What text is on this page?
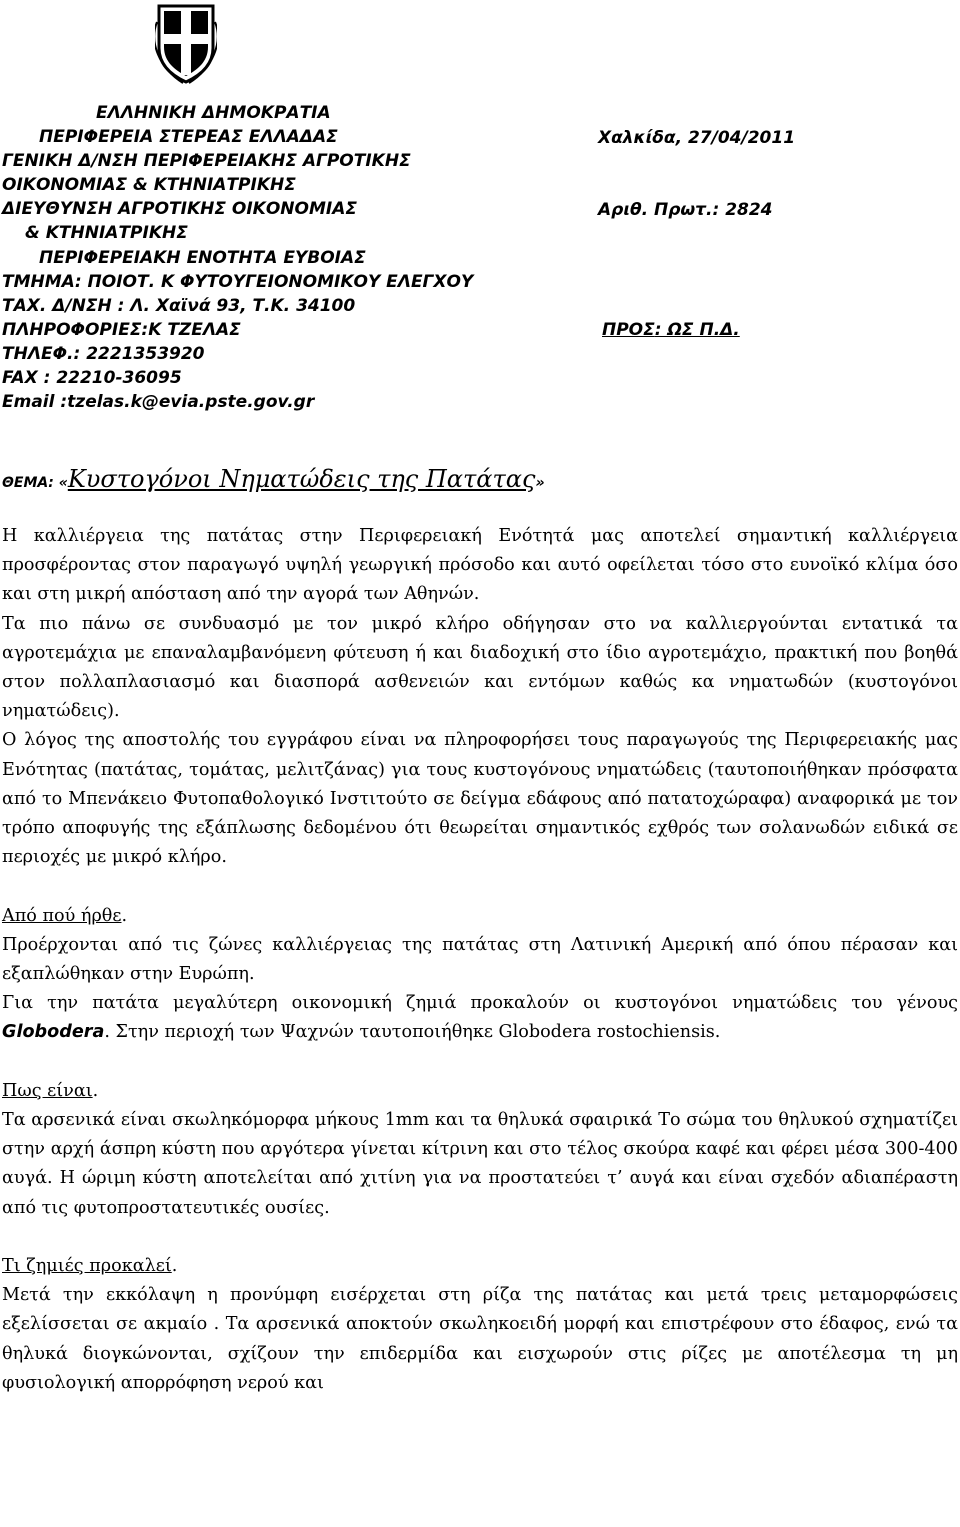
ΕΛΛΗΝΙΚΗ ΔΗΜΟΚΡΑΤΙΑ
ΠΕΡΙΦΕΡΕΙΑ ΣΤΕΡΕΑΣ ΕΛΛΑΔΑΣ
ΓΕΝΙΚΗ Δ/ΝΣΗ ΠΕΡΙΦΕΡΕΙΑΚΗΣ ΑΓΡΟΤΙΚΗΣ
ΟΙΚΟΝΟΜΙΑΣ & ΚΤΗΝΙΑΤΡΙΚΗΣ
ΔΙΕΥΘΥΝΣΗ ΑΓΡΟΤΙΚΗΣ ΟΙΚΟΝΟΜΙΑΣ
& ΚΤΗΝΙΑΤΡΙΚΗΣ
ΠΕΡΙΦΕΡΕΙΑΚΗ ΕΝΟΤΗΤΑ ΕΥΒΟΙΑΣ
ΤΜΗΜΑ: ΠΟΙΟΤ. Κ ΦΥΤΟΥΓΕΙΟΝΟΜΙΚΟΥ ΕΛΕΓΧΟΥ
ΤΑΧ. Δ/ΝΣΗ : Λ. Χαϊνά 93, Τ.Κ. 34100
ΠΛΗΡΟΦΟΡΙΕΣ:Κ ΤΖΕΛΑΣ
ΤΗΛΕΦ.: 2221353920
FAX : 22210-36095
Email :tzelas.k@evia.pste.gov.gr
Χαλκίδα, 27/04/2011
Αριθ. Πρωτ.: 2824
ΠΡΟΣ: ΩΣ Π.Δ.
ΘΕΜΑ: «Κυστογόνοι Νηματώδεις της Πατάτας»

Η καλλιέργεια της πατάτας στην Περιφερειακή Ενότητά μας αποτελεί σημαντική καλλιέργεια προσφέροντας στον παραγωγό υψηλή γεωργική πρόσοδο και αυτό οφείλεται τόσο στο ευνοϊκό κλίμα όσο και στη μικρή απόσταση από την αγορά των Αθηνών.

Τα πιο πάνω σε συνδυασμό με τον μικρό κλήρο οδήγησαν στο να καλλιεργούνται εντατικά τα αγροτεμάχια με επαναλαμβανόμενη φύτευση ή και διαδοχική στο ίδιο αγροτεμάχιο, πρακτική που βοηθά στον πολλαπλασιασμό και διασπορά ασθενειών και εντόμων καθώς κα νηματωδών (κυστογόνοι νηματώδεις).

Ο λόγος της αποστολής του εγγράφου είναι να πληροφορήσει τους παραγωγούς της Περιφερειακής μας Ενότητας (πατάτας, τομάτας, μελιτζάνας) για τους κυστογόνους νηματώδεις (ταυτοποιήθηκαν πρόσφατα από το Μπενάκειο Φυτοπαθολογικό Ινστιτούτο σε δείγμα εδάφους από πατατοχώραφα) αναφορικά με τον τρόπο αποφυγής της εξάπλωσης δεδομένου ότι θεωρείται σημαντικός εχθρός των σολανωδών ειδικά σε περιοχές με μικρό κλήρο.

Από πού ήρθε.

Προέρχονται από τις ζώνες καλλιέργειας της πατάτας στη Λατινική Αμερική από όπου πέρασαν και εξαπλώθηκαν στην Ευρώπη.

Για την πατάτα μεγαλύτερη οικονομική ζημιά προκαλούν οι κυστογόνοι νηματώδεις του γένους Globodera. Στην περιοχή των Ψαχνών ταυτοποιήθηκε Globodera rostochiensis.

Πως είναι.

Τα αρσενικά είναι σκωληκόμορφα μήκους 1mm και τα θηλυκά σφαιρικά Το σώμα του θηλυκού σχηματίζει στην αρχή άσπρη κύστη που αργότερα γίνεται κίτρινη και στο τέλος σκούρα καφέ και φέρει μέσα 300-400 αυγά. Η ώριμη κύστη αποτελείται από χιτίνη για να προστατεύει τ’ αυγά και είναι σχεδόν αδιαπέραστη από τις φυτοπροστατευτικές ουσίες.

Τι ζημιές προκαλεί.

Μετά την εκκόλαψη η προνύμφη εισέρχεται στη ρίζα της πατάτας και μετά τρεις μεταμορφώσεις εξελίσσεται σε ακμαίο . Τα αρσενικά αποκτούν σκωληκοειδή μορφή και επιστρέφουν στο έδαφος, ενώ τα θηλυκά διογκώνονται, σχίζουν την επιδερμίδα και εισχωρούν στις ρίζες με αποτέλεσμα τη μη φυσιολογική απορρόφηση νερού και
